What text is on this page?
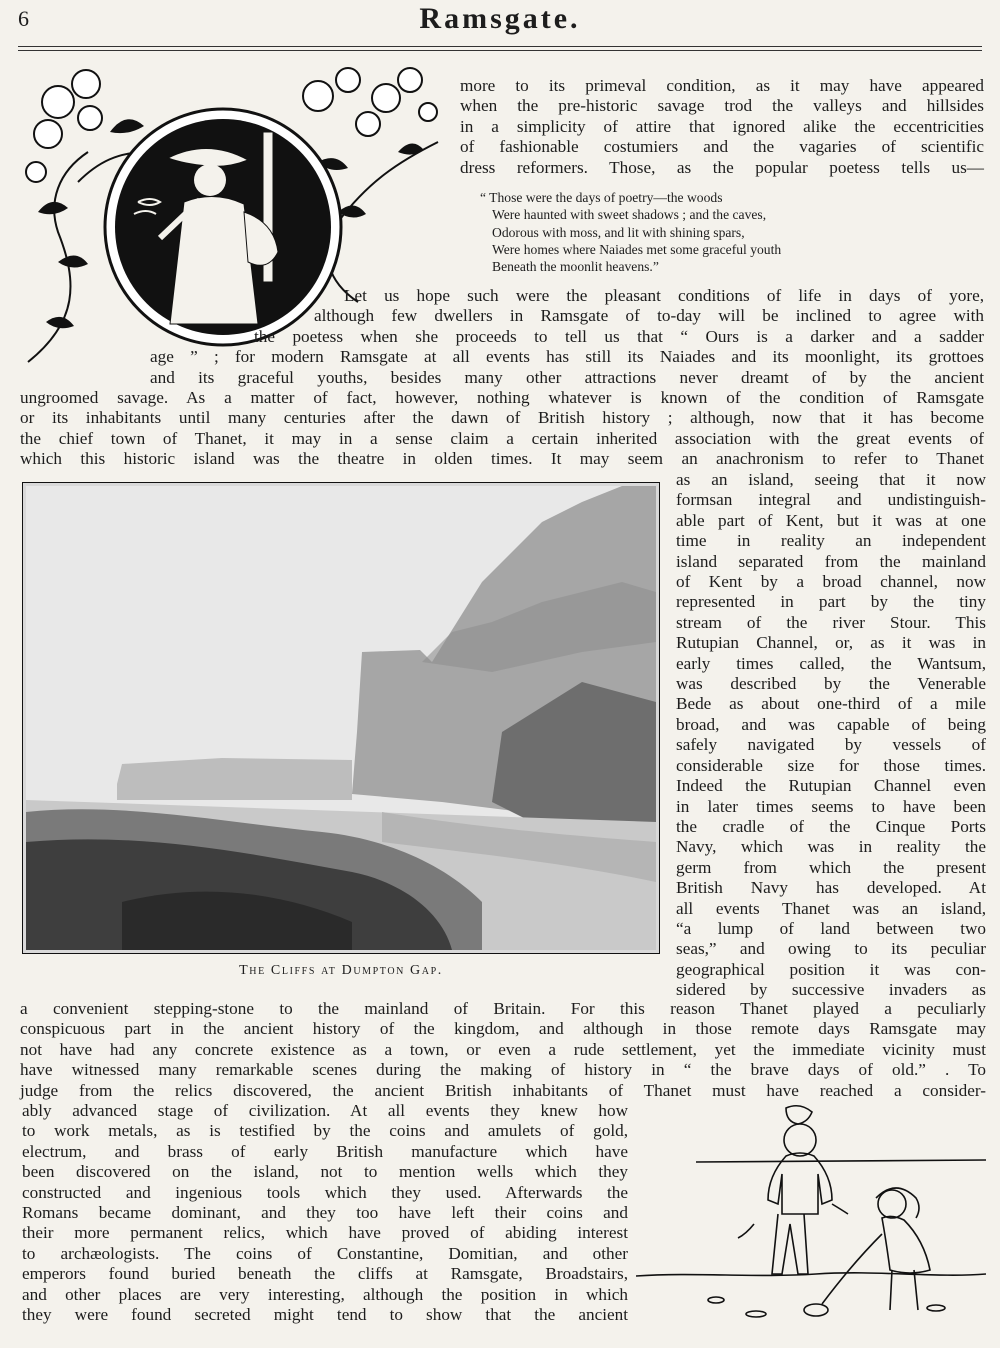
6	Ramsgate.

more to its primeval condition, as it may have appeared

when the pre-historic savage trod the valleys and hillsides

in a simplicity of attire that ignored alike the eccentricities

of fashionable costumiers and the vagaries of scientific

dress reformers. Those, as the popular poetess tells us—

“ Those were the days of poetry—the woods
Were haunted with sweet shadows ; and the caves,
Odorous with moss, and lit with shining spars,
Were homes where Naiades met some graceful youth
Beneath the moonlit heavens.”

Let us hope such were the pleasant conditions of life in days of yore,

although few dwellers in Ramsgate of to-day will be inclined to agree with

the poetess when she proceeds to tell us that “ Ours is a darker and a sadder

age ” ; for modern Ramsgate at all events has still its Naiades and its moonlight, its grottoes

and its graceful youths, besides many other attractions never dreamt of by the ancient

ungroomed savage. As a matter of fact, however, nothing whatever is known of the condition of Ramsgate

or its inhabitants until many centuries after the dawn of British history ; although, now that it has become

the chief town of Thanet, it may in a sense claim a certain inherited association with the great events of

which this historic island was the theatre in olden times. It may seem an anachronism to refer to Thanet

The Cliffs at Dumpton Gap.

as an island, seeing that it now

formsan integral and undistinguish-

able part of Kent, but it was at one

time in reality an independent

island separated from the mainland

of Kent by a broad channel, now

represented in part by the tiny

stream of the river Stour. This

Rutupian Channel, or, as it was in

early times called, the Wantsum,

was described by the Venerable

Bede as about one-third of a mile

broad, and was capable of being

safely navigated by vessels of

considerable size for those times.

Indeed the Rutupian Channel even

in later times seems to have been

the cradle of the Cinque Ports

Navy, which was in reality the

germ from which the present

British Navy has developed. At

all events Thanet was an island,

“a lump of land between two

seas,” and owing to its peculiar

geographical position it was con-

sidered by successive invaders as

a convenient stepping-stone to the mainland of Britain. For this reason Thanet played a peculiarly

conspicuous part in the ancient history of the kingdom, and although in those remote days Ramsgate may

not have had any concrete existence as a town, or even a rude settlement, yet the immediate vicinity must

have witnessed many remarkable scenes during the making of history in “ the brave days of old.” . To

judge from the relics discovered, the ancient British inhabitants of Thanet must have reached a consider-

ably advanced stage of civilization. At all events they knew how

to work metals, as is testified by the coins and amulets of gold,

electrum, and brass of early British manufacture which have

been discovered on the island, not to mention wells which they

constructed and ingenious tools which they used. Afterwards the

Romans became dominant, and they too have left their coins and

their more permanent relics, which have proved of abiding interest

to archæologists. The coins of Constantine, Domitian, and other

emperors found buried beneath the cliffs at Ramsgate, Broadstairs,

and other places are very interesting, although the position in which

they were found secreted might tend to show that the ancient
